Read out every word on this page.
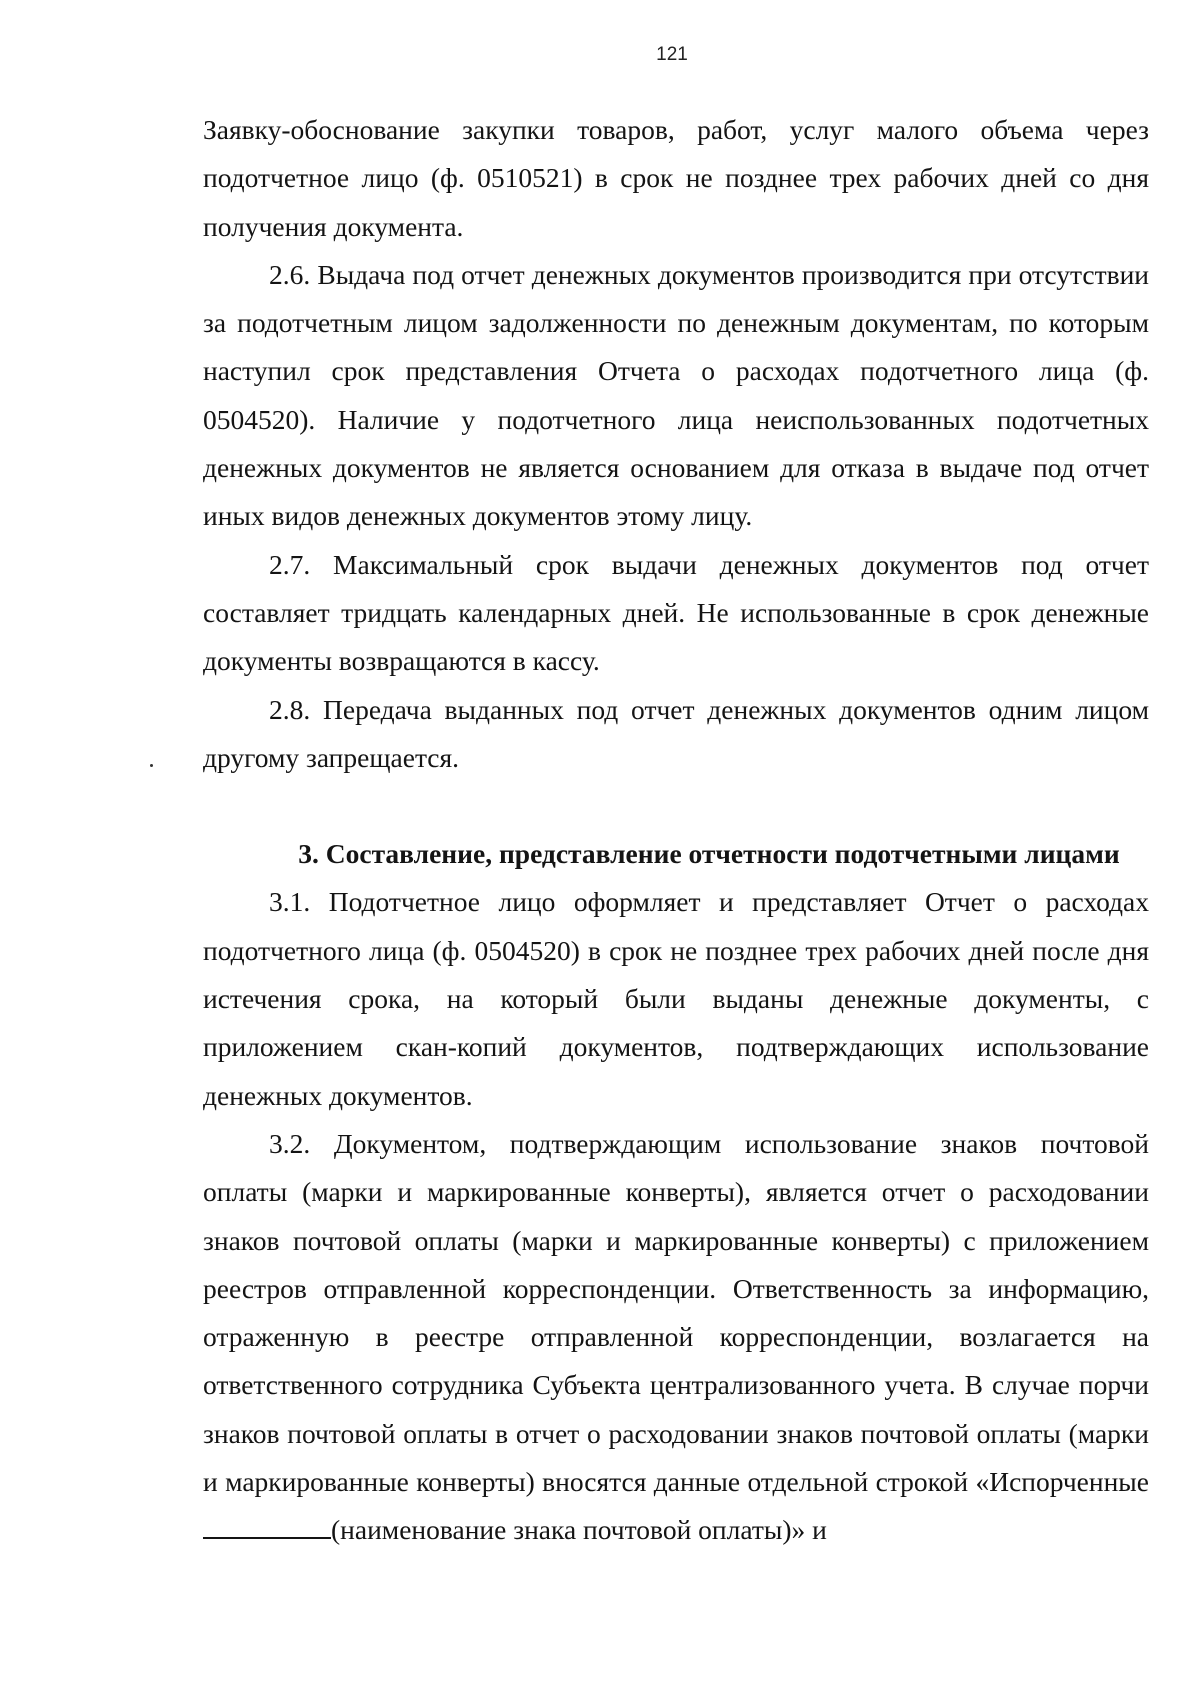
121

Заявку-обоснование закупки товаров, работ, услуг малого объема через подотчетное лицо (ф. 0510521) в срок не позднее трех рабочих дней со дня получения документа.

2.6. Выдача под отчет денежных документов производится при отсутствии за подотчетным лицом задолженности по денежным документам, по которым наступил срок представления Отчета о расходах подотчетного лица (ф. 0504520). Наличие у подотчетного лица неиспользованных подотчетных денежных документов не является основанием для отказа в выдаче под отчет иных видов денежных документов этому лицу.

2.7. Максимальный срок выдачи денежных документов под отчет составляет тридцать календарных дней. Не использованные в срок денежные документы возвращаются в кассу.

2.8. Передача выданных под отчет денежных документов одним лицом другому запрещается.

3. Составление, представление отчетности подотчетными лицами

3.1. Подотчетное лицо оформляет и представляет Отчет о расходах подотчетного лица (ф. 0504520) в срок не позднее трех рабочих дней после дня истечения срока, на который были выданы денежные документы, с приложением скан-копий документов, подтверждающих использование денежных документов.

3.2. Документом, подтверждающим использование знаков почтовой оплаты (марки и маркированные конверты), является отчет о расходовании знаков почтовой оплаты (марки и маркированные конверты) с приложением реестров отправленной корреспонденции. Ответственность за информацию, отраженную в реестре отправленной корреспонденции, возлагается на ответственного сотрудника Субъекта централизованного учета. В случае порчи знаков почтовой оплаты в отчет о расходовании знаков почтовой оплаты (марки и маркированные конверты) вносятся данные отдельной строкой «Испорченные (наименование знака почтовой оплаты)» и
